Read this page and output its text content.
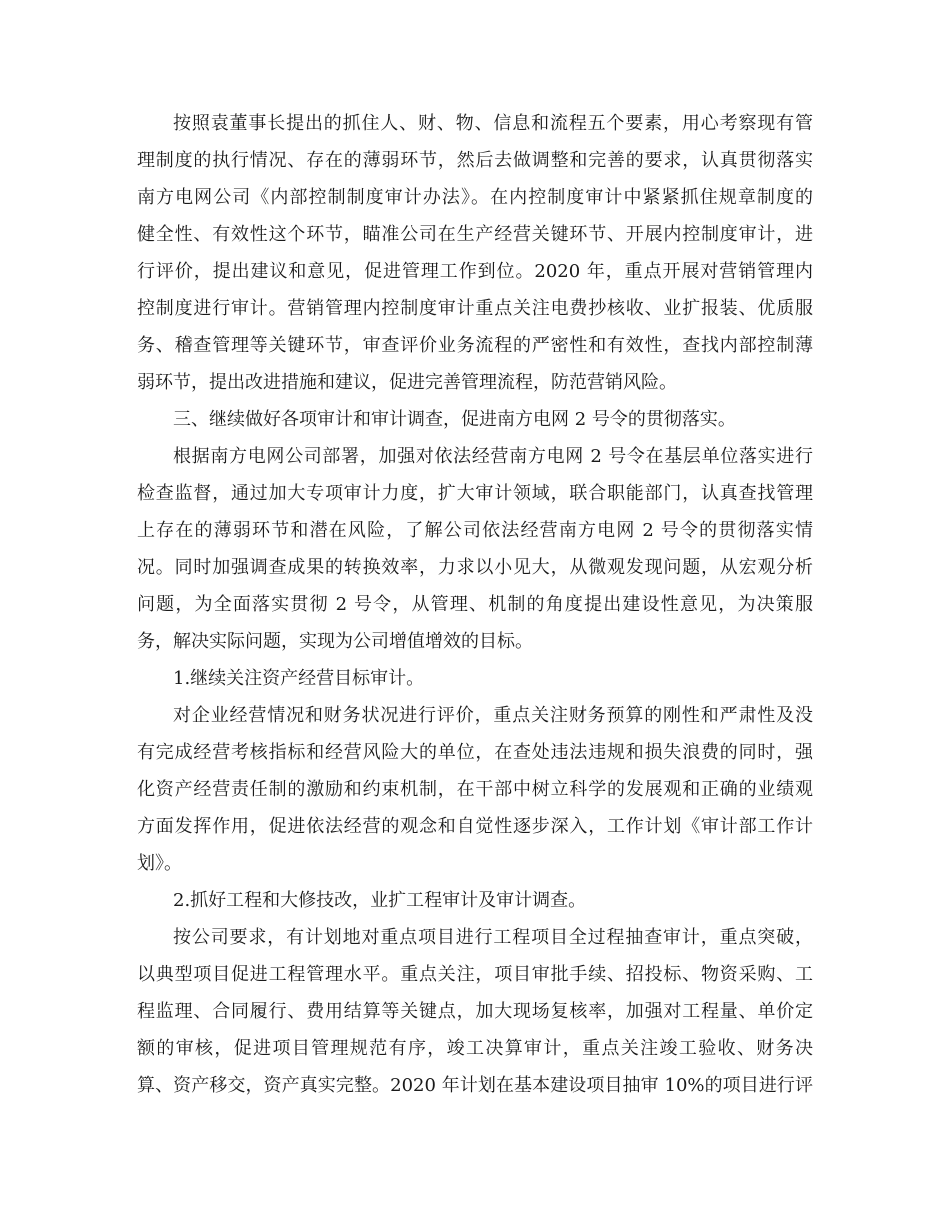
按照袁董事长提出的抓住人、财、物、信息和流程五个要素，用心考察现有管
理制度的执行情况、存在的薄弱环节，然后去做调整和完善的要求，认真贯彻落实
南方电网公司《内部控制制度审计办法》。在内控制度审计中紧紧抓住规章制度的
健全性、有效性这个环节，瞄准公司在生产经营关键环节、开展内控制度审计，进
行评价，提出建议和意见，促进管理工作到位。2020 年，重点开展对营销管理内
控制度进行审计。营销管理内控制度审计重点关注电费抄核收、业扩报装、优质服
务、稽查管理等关键环节，审查评价业务流程的严密性和有效性，查找内部控制薄
弱环节，提出改进措施和建议，促进完善管理流程，防范营销风险。
三、继续做好各项审计和审计调查，促进南方电网 2 号令的贯彻落实。
根据南方电网公司部署，加强对依法经营南方电网 2 号令在基层单位落实进行
检查监督，通过加大专项审计力度，扩大审计领域，联合职能部门，认真查找管理
上存在的薄弱环节和潜在风险，了解公司依法经营南方电网 2 号令的贯彻落实情
况。同时加强调查成果的转换效率，力求以小见大，从微观发现问题，从宏观分析
问题，为全面落实贯彻 2 号令，从管理、机制的角度提出建设性意见，为决策服
务，解决实际问题，实现为公司增值增效的目标。
1.继续关注资产经营目标审计。
对企业经营情况和财务状况进行评价，重点关注财务预算的刚性和严肃性及没
有完成经营考核指标和经营风险大的单位，在查处违法违规和损失浪费的同时，强
化资产经营责任制的激励和约束机制，在干部中树立科学的发展观和正确的业绩观
方面发挥作用，促进依法经营的观念和自觉性逐步深入，工作计划《审计部工作计
划》。
2.抓好工程和大修技改，业扩工程审计及审计调查。
按公司要求，有计划地对重点项目进行工程项目全过程抽查审计，重点突破，
以典型项目促进工程管理水平。重点关注，项目审批手续、招投标、物资采购、工
程监理、合同履行、费用结算等关键点，加大现场复核率，加强对工程量、单价定
额的审核，促进项目管理规范有序，竣工决算审计，重点关注竣工验收、财务决
算、资产移交，资产真实完整。2020 年计划在基本建设项目抽审 10%的项目进行评
